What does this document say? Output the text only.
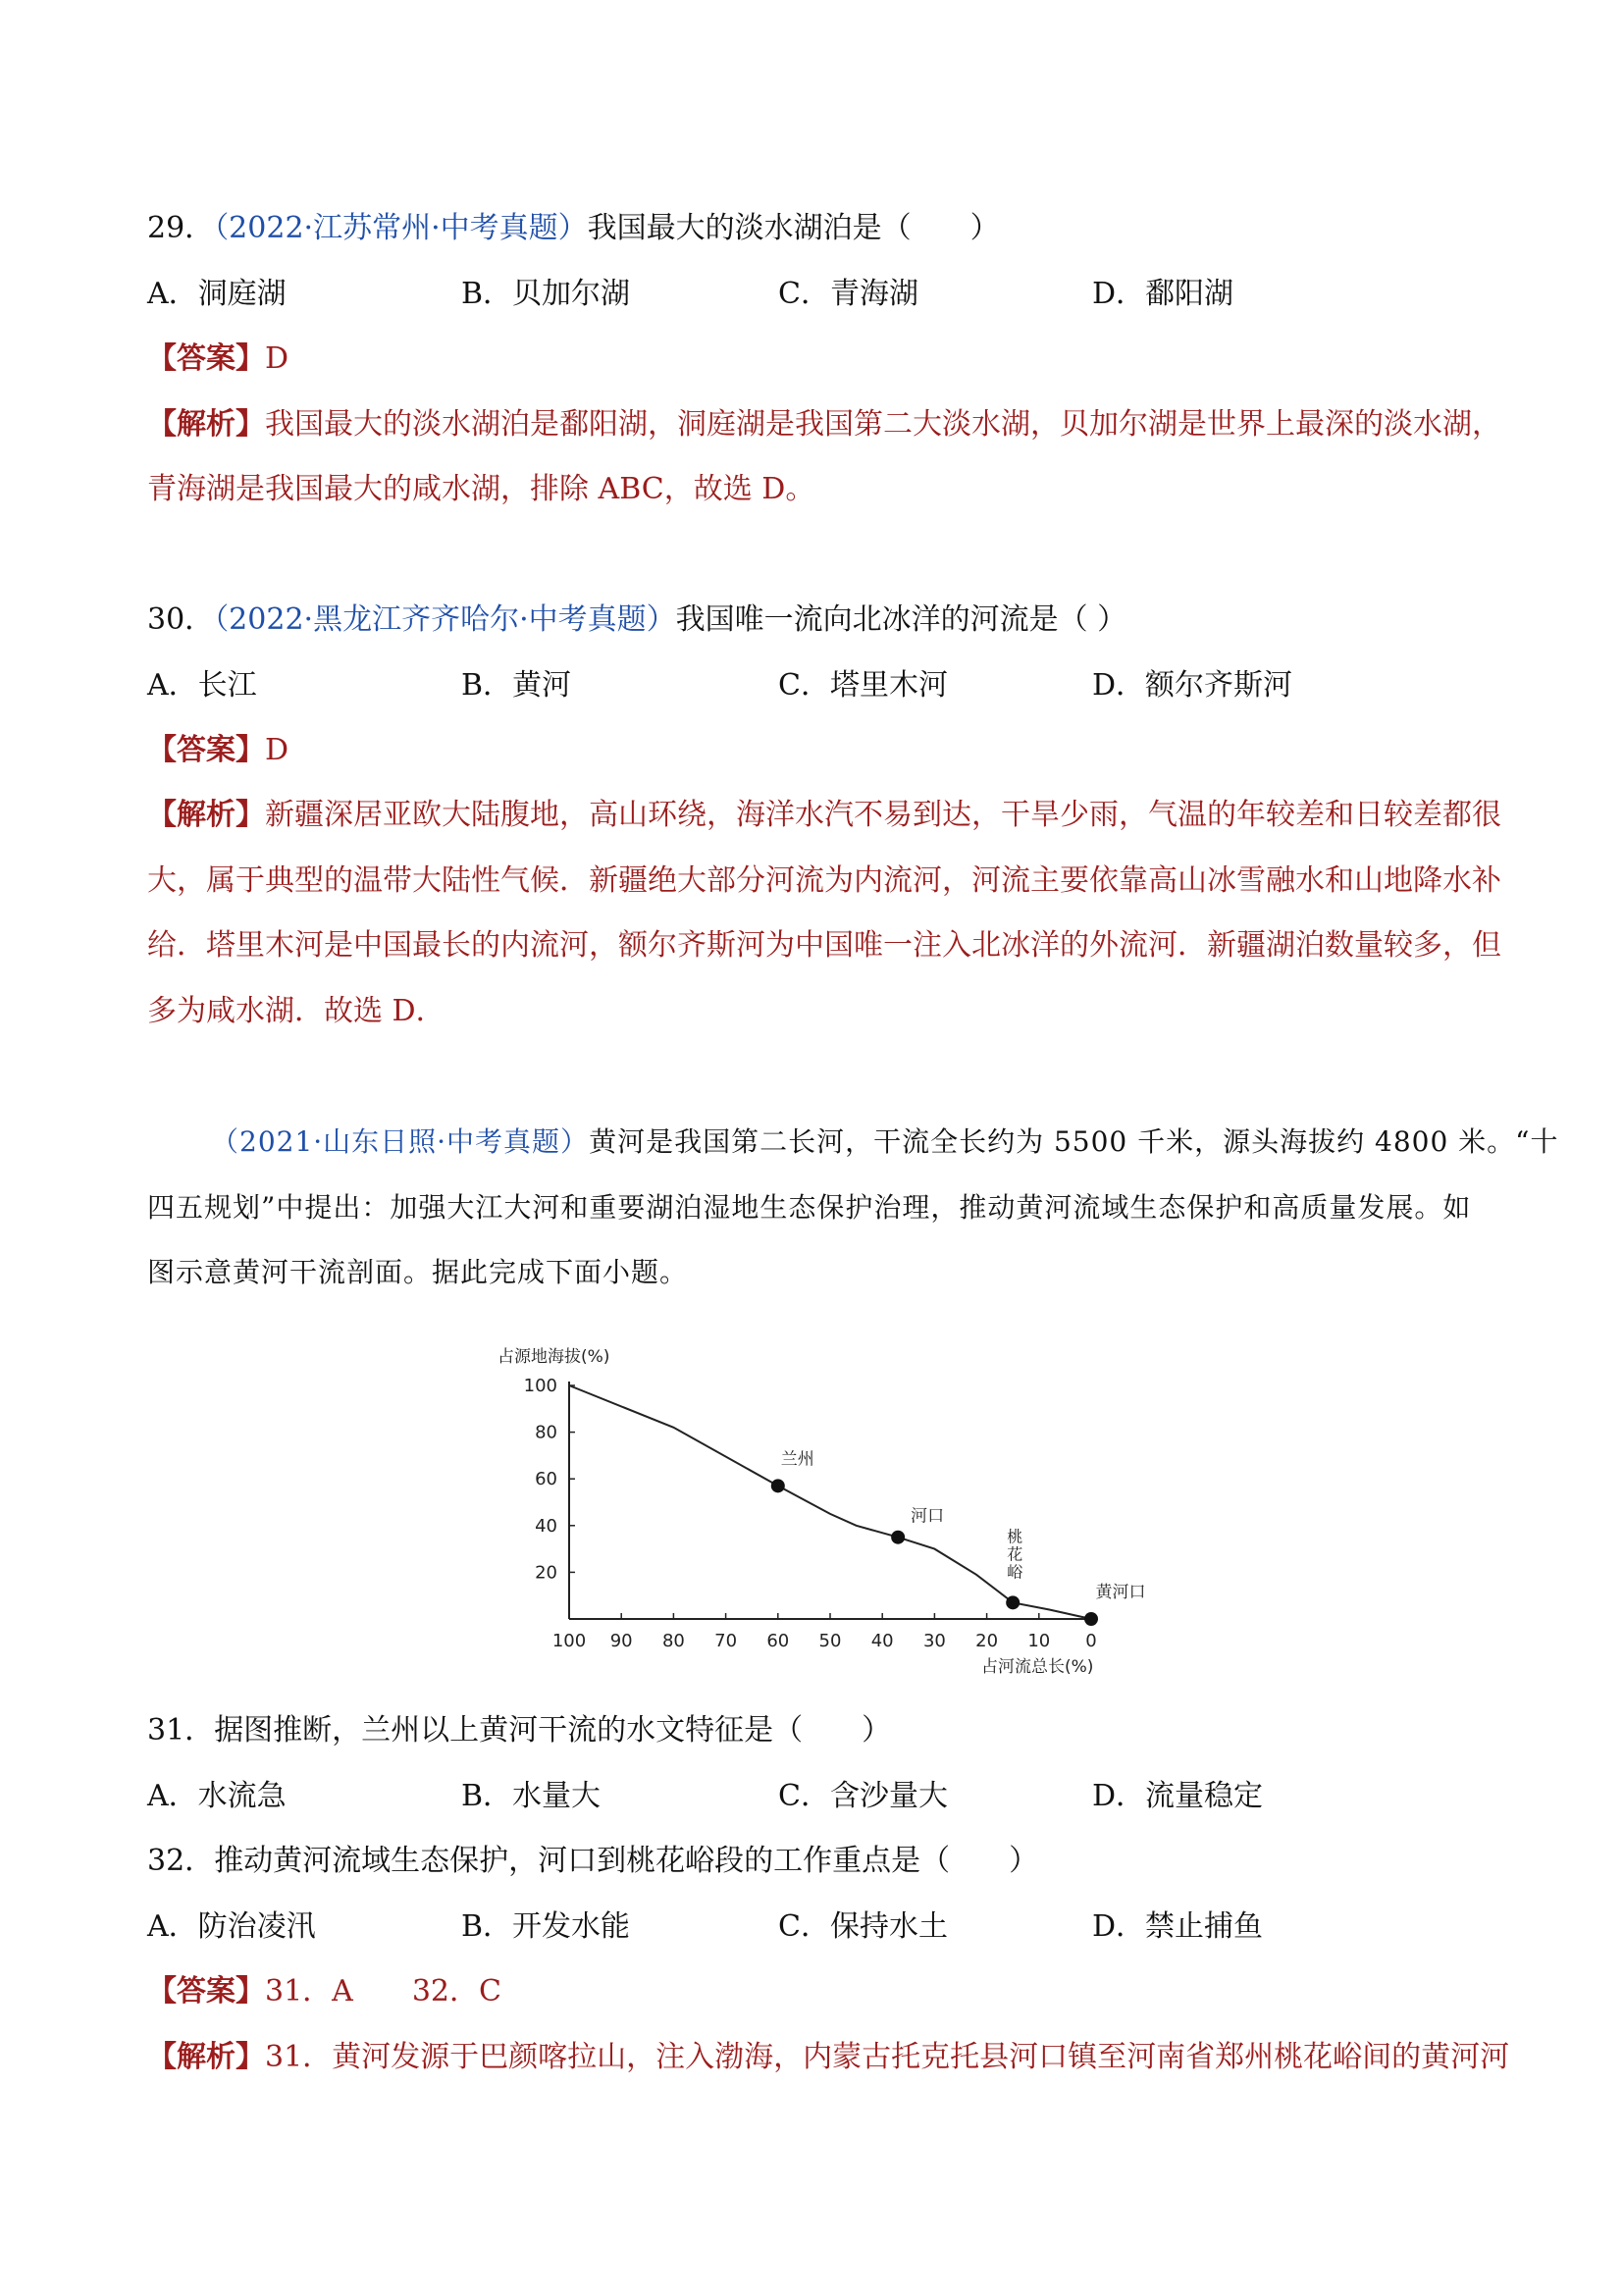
29．（2022·江苏常州·中考真题）我国最大的淡水湖泊是（　　）
A．洞庭湖	B．贝加尔湖	C．青海湖	D．鄱阳湖
【答案】D
【解析】我国最大的淡水湖泊是鄱阳湖，洞庭湖是我国第二大淡水湖，贝加尔湖是世界上最深的淡水湖，
青海湖是我国最大的咸水湖，排除 ABC，故选 D。
30．（2022·黑龙江齐齐哈尔·中考真题）我国唯一流向北冰洋的河流是（ ）
A．长江	B．黄河	C．塔里木河	D．额尔齐斯河
【答案】D
【解析】新疆深居亚欧大陆腹地，高山环绕，海洋水汽不易到达，干旱少雨，气温的年较差和日较差都很
大，属于典型的温带大陆性气候．新疆绝大部分河流为内流河，河流主要依靠高山冰雪融水和山地降水补
给．塔里木河是中国最长的内流河，额尔齐斯河为中国唯一注入北冰洋的外流河．新疆湖泊数量较多，但
多为咸水湖．故选 D．
（2021·山东日照·中考真题）黄河是我国第二长河，干流全长约为 5500 千米，源头海拔约 4800 米。“十
四五规划”中提出：加强大江大河和重要湖泊湿地生态保护治理，推动黄河流域生态保护和高质量发展。如
图示意黄河干流剖面。据此完成下面小题。
占源地海拔(%)
占河流总长(%)
100
80
60
40
20
100 90 80 70 60 50 40 30 20 10 0
兰州
河口
桃花峪
黄河口
31．据图推断，兰州以上黄河干流的水文特征是（　　）
A．水流急	B．水量大	C．含沙量大	D．流量稳定
32．推动黄河流域生态保护，河口到桃花峪段的工作重点是（　　）
A．防治凌汛	B．开发水能	C．保持水土	D．禁止捕鱼
【答案】31．A　　32．C
【解析】31．黄河发源于巴颜喀拉山，注入渤海，内蒙古托克托县河口镇至河南省郑州桃花峪间的黄河河
